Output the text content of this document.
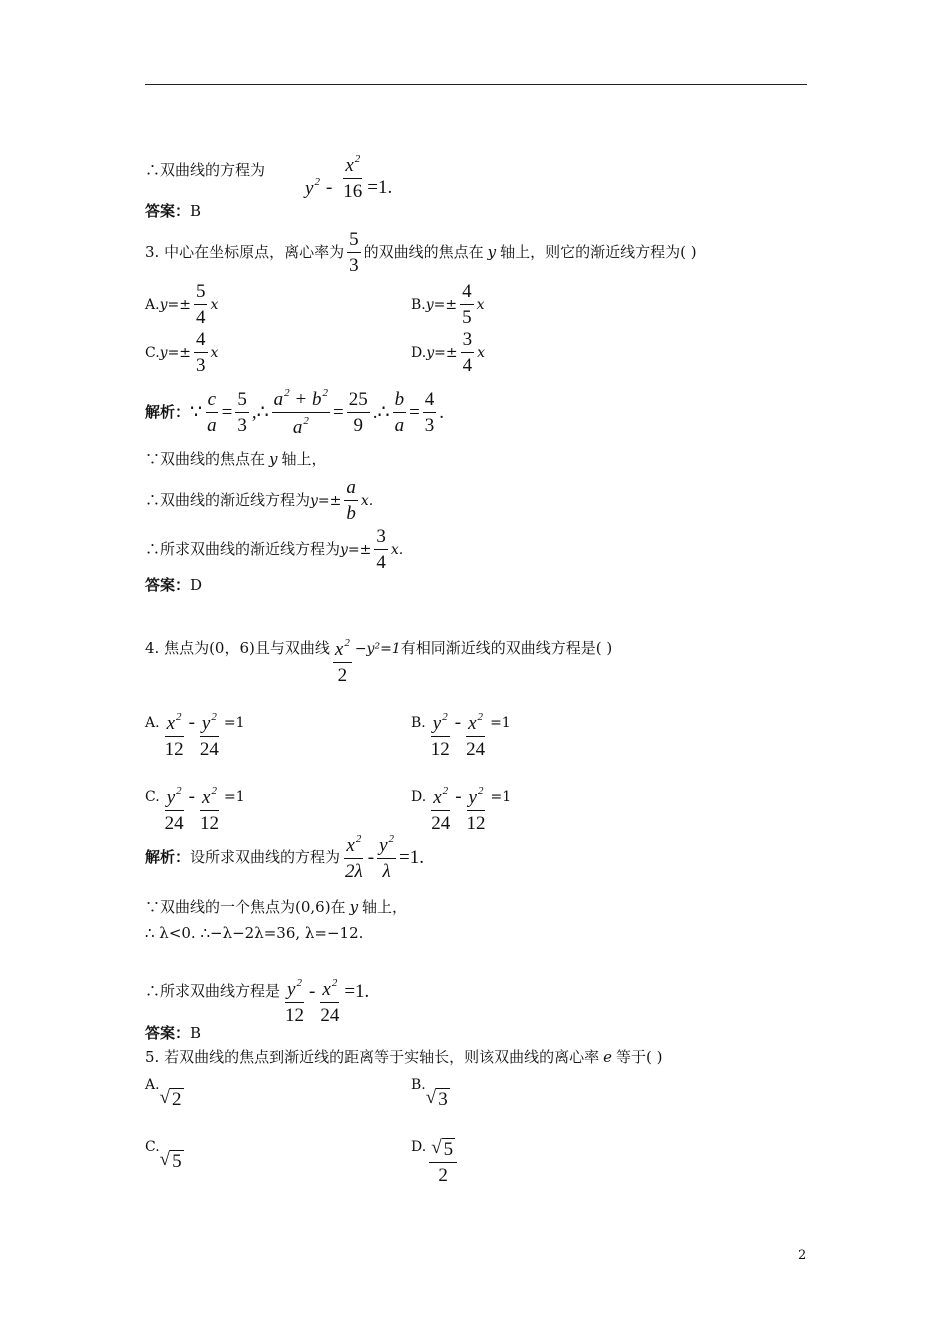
∴双曲线的方程为
$y^2 - \frac{x^2}{16} =1$.
答案： B
3. 中心在坐标原点，离心率为 $\frac{5}{3}$ 的双曲线的焦点在 y 轴上，则它的渐近线方程为( )
A. $y=\pm \frac{5}{4}$ x	B. $y=\pm \frac{4}{5}$ x
C. $y=\pm \frac{4}{3}$ x	D. $y=\pm \frac{3}{4}$ x
解析： ∵ $\frac{c}{a} = \frac{5}{3}$ ,∴ $\frac{a^2 + b^2}{a^2} = \frac{25}{9}$ .∴ $\frac{b}{a} = \frac{4}{3}$ .
∵双曲线的焦点在 y 轴上，
∴双曲线的渐近线方程为 $y=\pm \frac{a}{b} x$.
∴所求双曲线的渐近线方程为 $y=\pm \frac{3}{4} x$.
答案： D
4. 焦点为(0，6)且与双曲线 $\frac{x^2}{2} -y^2=1$ 有相同渐近线的双曲线方程是( )
A. $\frac{x^2}{12} - \frac{y^2}{24} =1$	B. $\frac{y^2}{12} - \frac{x^2}{24} =1$
C. $\frac{y^2}{24} - \frac{x^2}{12} =1$	D. $\frac{x^2}{24} - \frac{y^2}{12} =1$
解析： 设所求双曲线的方程为 $\frac{x^2}{2\lambda} - \frac{y^2}{\lambda} =1$.
∵双曲线的一个焦点为(0,6)在 y 轴上，
∴ λ<0. ∴−λ−2λ=36, λ=−12.
∴所求双曲线方程是 $\frac{y^2}{12} - \frac{x^2}{24} =1$.
答案： B
5. 若双曲线的焦点到渐近线的距离等于实轴长，则该双曲线的离心率 e 等于( )
A.
√ 2
B.
√ 3
C.
√ 5
D. $\frac{√ 5}{2}$
2
